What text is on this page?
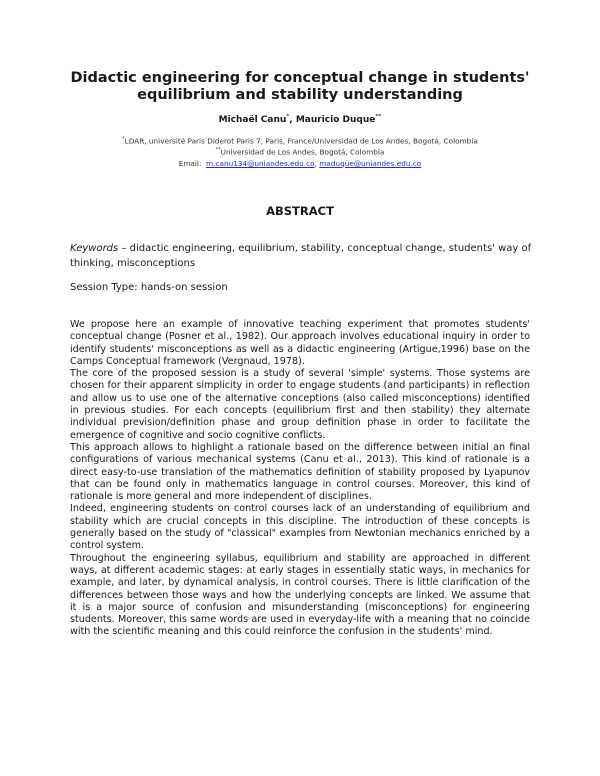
Didactic engineering for conceptual change in students' equilibrium and stability understanding
Michaël Canu*, Mauricio Duque**
*LDAR, université Paris Diderot Paris 7, Paris, France/Universidad de Los Andes, Bogotá, Colombia
**Universidad de Los Andes, Bogotá, Colombia
Email: m.canu134@uniandes.edu.co, maduque@uniandes.edu.co
ABSTRACT
Keywords – didactic engineering, equilibrium, stability, conceptual change, students' way of thinking, misconceptions
Session Type: hands-on session

We propose here an example of innovative teaching experiment that promotes students' conceptual change (Posner et al., 1982). Our approach involves educational inquiry in order to identify students' misconceptions as well as a didactic engineering (Artigue,1996) base on the Camps Conceptual framework (Vergnaud, 1978).

The core of the proposed session is a study of several 'simple' systems. Those systems are chosen for their apparent simplicity in order to engage students (and participants) in reflection and allow us to use one of the alternative conceptions (also called misconceptions) identified in previous studies. For each concepts (equilibrium first and then stability) they alternate individual prevision/definition phase and group definition phase in order to facilitate the emergence of cognitive and socio cognitive conflicts.

This approach allows to highlight a rationale based on the difference between initial an final configurations of various mechanical systems (Canu et al., 2013). This kind of rationale is a direct easy-to-use translation of the mathematics definition of stability proposed by Lyapunov that can be found only in mathematics language in control courses. Moreover, this kind of rationale is more general and more independent of disciplines.

Indeed, engineering students on control courses lack of an understanding of equilibrium and stability which are crucial concepts in this discipline. The introduction of these concepts is generally based on the study of "classical" examples from Newtonian mechanics enriched by a control system.

Throughout the engineering syllabus, equilibrium and stability are approached in different ways, at different academic stages: at early stages in essentially static ways, in mechanics for example, and later, by dynamical analysis, in control courses. There is little clarification of the differences between those ways and how the underlying concepts are linked. We assume that it is a major source of confusion and misunderstanding (misconceptions) for engineering students. Moreover, this same words are used in everyday-life with a meaning that no coincide with the scientific meaning and this could reinforce the confusion in the students' mind.
